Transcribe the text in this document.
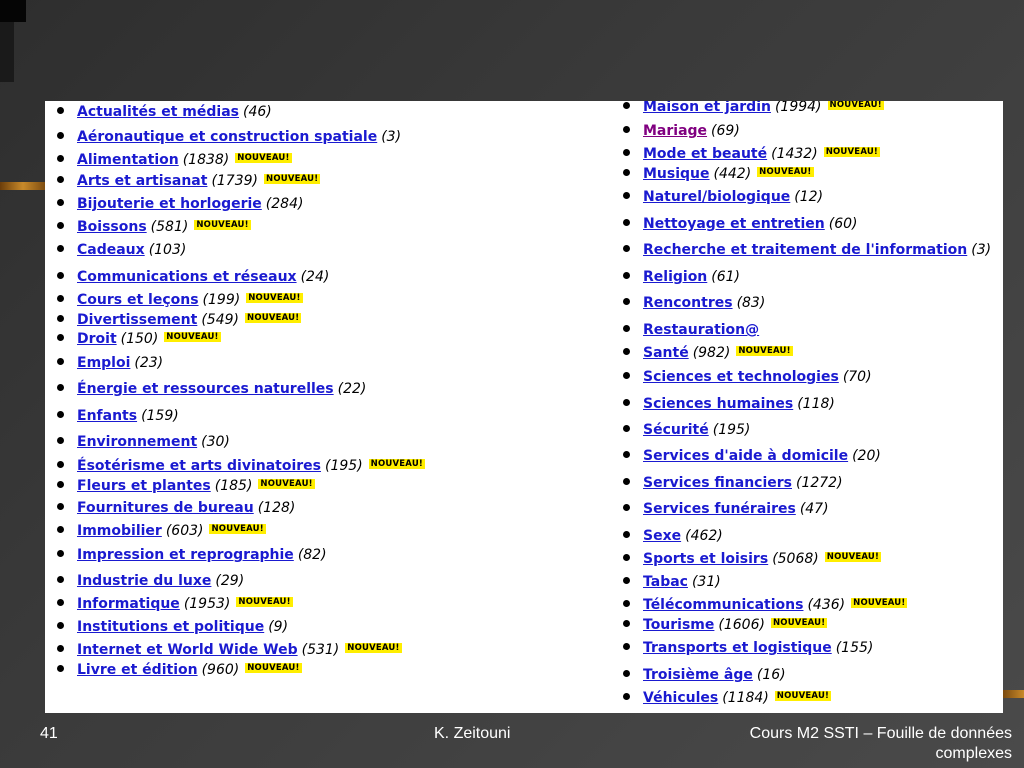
Actualités et médias (46)
Aéronautique et construction spatiale (3)
Alimentation (1838) NOUVEAU!
Arts et artisanat (1739) NOUVEAU!
Bijouterie et horlogerie (284)
Boissons (581) NOUVEAU!
Cadeaux (103)
Communications et réseaux (24)
Cours et leçons (199) NOUVEAU!
Divertissement (549) NOUVEAU!
Droit (150) NOUVEAU!
Emploi (23)
Énergie et ressources naturelles (22)
Enfants (159)
Environnement (30)
Ésotérisme et arts divinatoires (195) NOUVEAU!
Fleurs et plantes (185) NOUVEAU!
Fournitures de bureau (128)
Immobilier (603) NOUVEAU!
Impression et reprographie (82)
Industrie du luxe (29)
Informatique (1953) NOUVEAU!
Institutions et politique (9)
Internet et World Wide Web (531) NOUVEAU!
Livre et édition (960) NOUVEAU!
Maison et jardin (1994) NOUVEAU!
Mariage (69)
Mode et beauté (1432) NOUVEAU!
Musique (442) NOUVEAU!
Naturel/biologique (12)
Nettoyage et entretien (60)
Recherche et traitement de l'information (3)
Religion (61)
Rencontres (83)
Restauration@
Santé (982) NOUVEAU!
Sciences et technologies (70)
Sciences humaines (118)
Sécurité (195)
Services d'aide à domicile (20)
Services financiers (1272)
Services funéraires (47)
Sexe (462)
Sports et loisirs (5068) NOUVEAU!
Tabac (31)
Télécommunications (436) NOUVEAU!
Tourisme (1606) NOUVEAU!
Transports et logistique (155)
Troisième âge (16)
Véhicules (1184) NOUVEAU!
41	K. Zeitouni	Cours M2 SSTI – Fouille de données
complexes
